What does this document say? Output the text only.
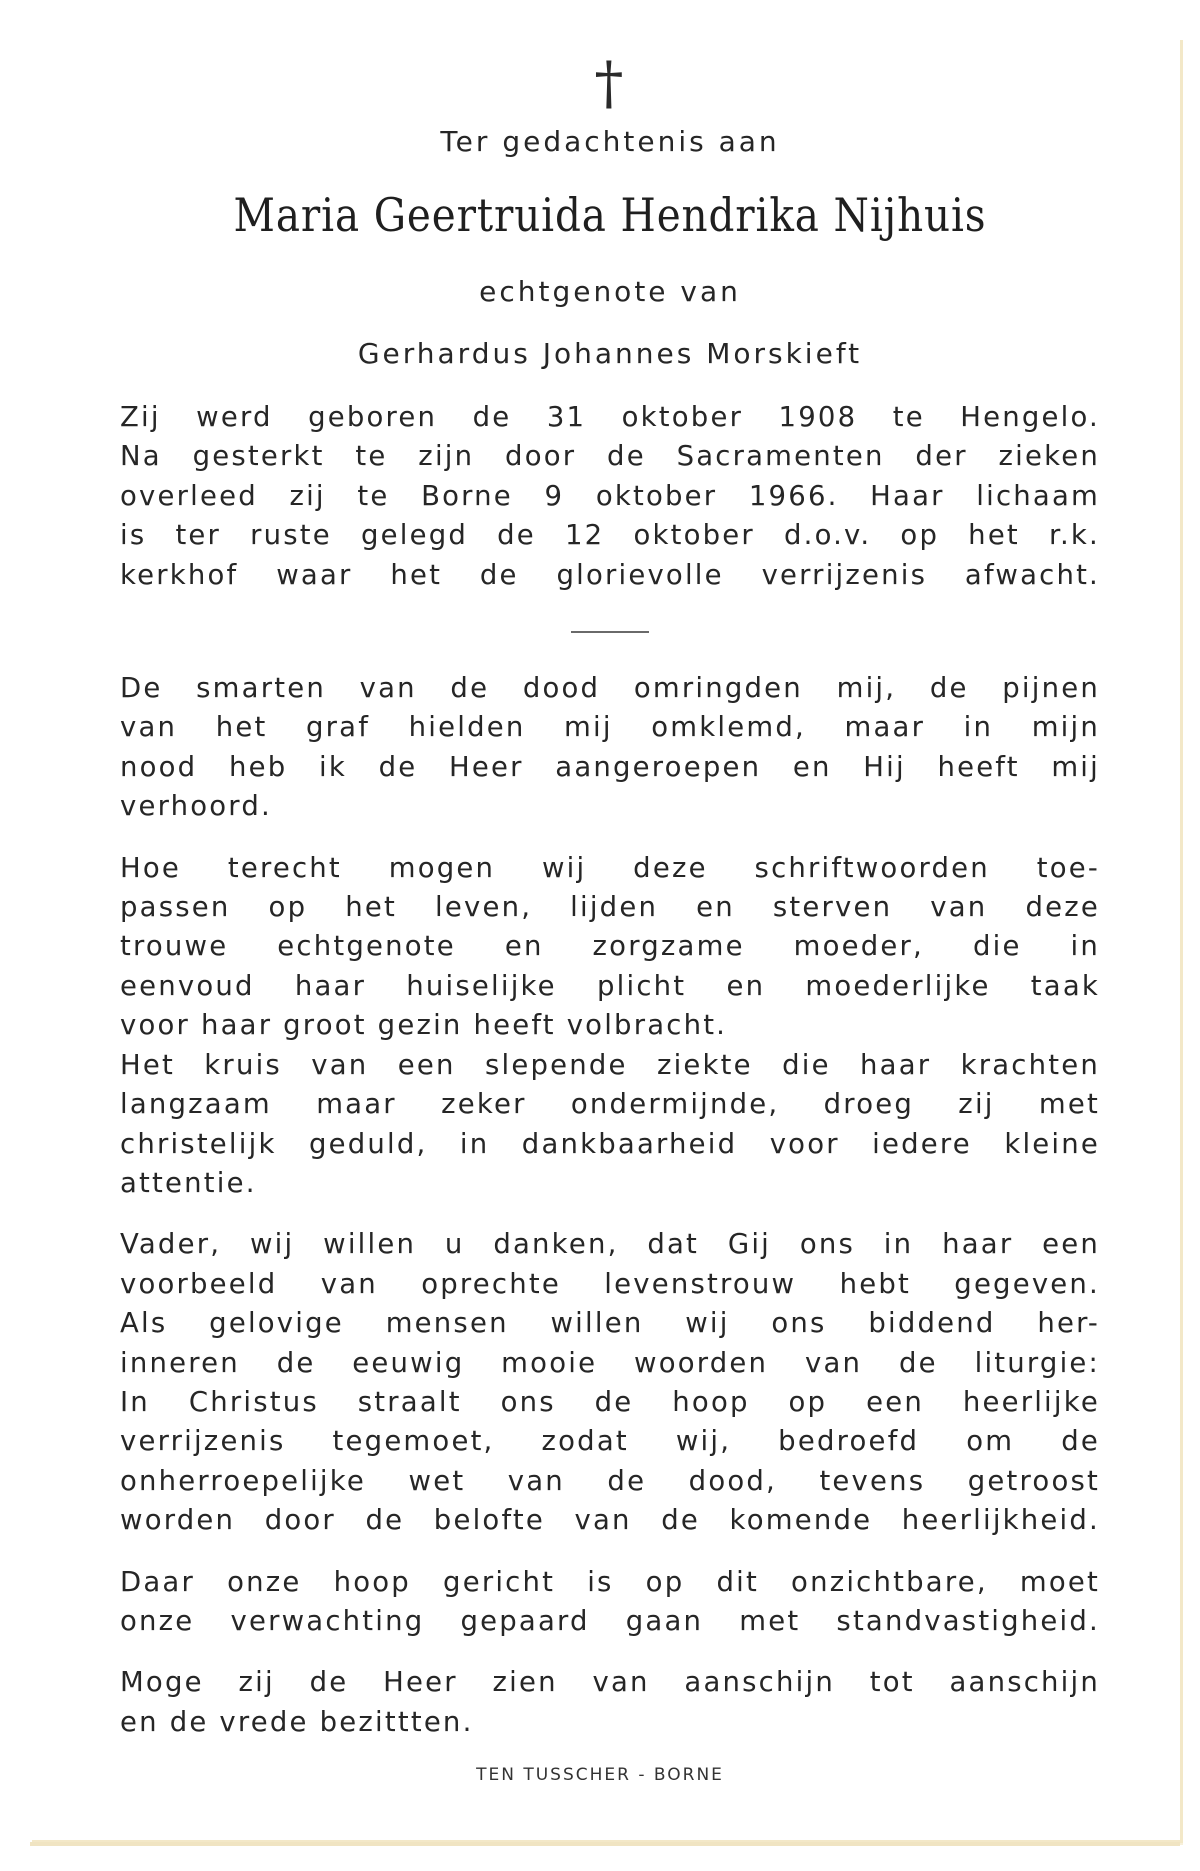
†
Ter gedachtenis aan
Maria Geertruida Hendrika Nijhuis
echtgenote van
Gerhardus Johannes Morskieft
Zij werd geboren de 31 oktober 1908 te Hengelo.
Na gesterkt te zijn door de Sacramenten der zieken
overleed zij te Borne 9 oktober 1966. Haar lichaam
is ter ruste gelegd de 12 oktober d.o.v. op het r.k.
kerkhof waar het de glorievolle verrijzenis afwacht.
De smarten van de dood omringden mij, de pijnen
van het graf hielden mij omklemd, maar in mijn
nood heb ik de Heer aangeroepen en Hij heeft mij
verhoord.
Hoe terecht mogen wij deze schriftwoorden toe-
passen op het leven, lijden en sterven van deze
trouwe echtgenote en zorgzame moeder, die in
eenvoud haar huiselijke plicht en moederlijke taak
voor haar groot gezin heeft volbracht.
Het kruis van een slepende ziekte die haar krachten
langzaam maar zeker ondermijnde, droeg zij met
christelijk geduld, in dankbaarheid voor iedere kleine
attentie.
Vader, wij willen u danken, dat Gij ons in haar een
voorbeeld van oprechte levenstrouw hebt gegeven.
Als gelovige mensen willen wij ons biddend her-
inneren de eeuwig mooie woorden van de liturgie:
In Christus straalt ons de hoop op een heerlijke
verrijzenis tegemoet, zodat wij, bedroefd om de
onherroepelijke wet van de dood, tevens getroost
worden door de belofte van de komende heerlijkheid.
Daar onze hoop gericht is op dit onzichtbare, moet
onze verwachting gepaard gaan met standvastigheid.
Moge zij de Heer zien van aanschijn tot aanschijn
en de vrede bezittten.
TEN TUSSCHER - BORNE
